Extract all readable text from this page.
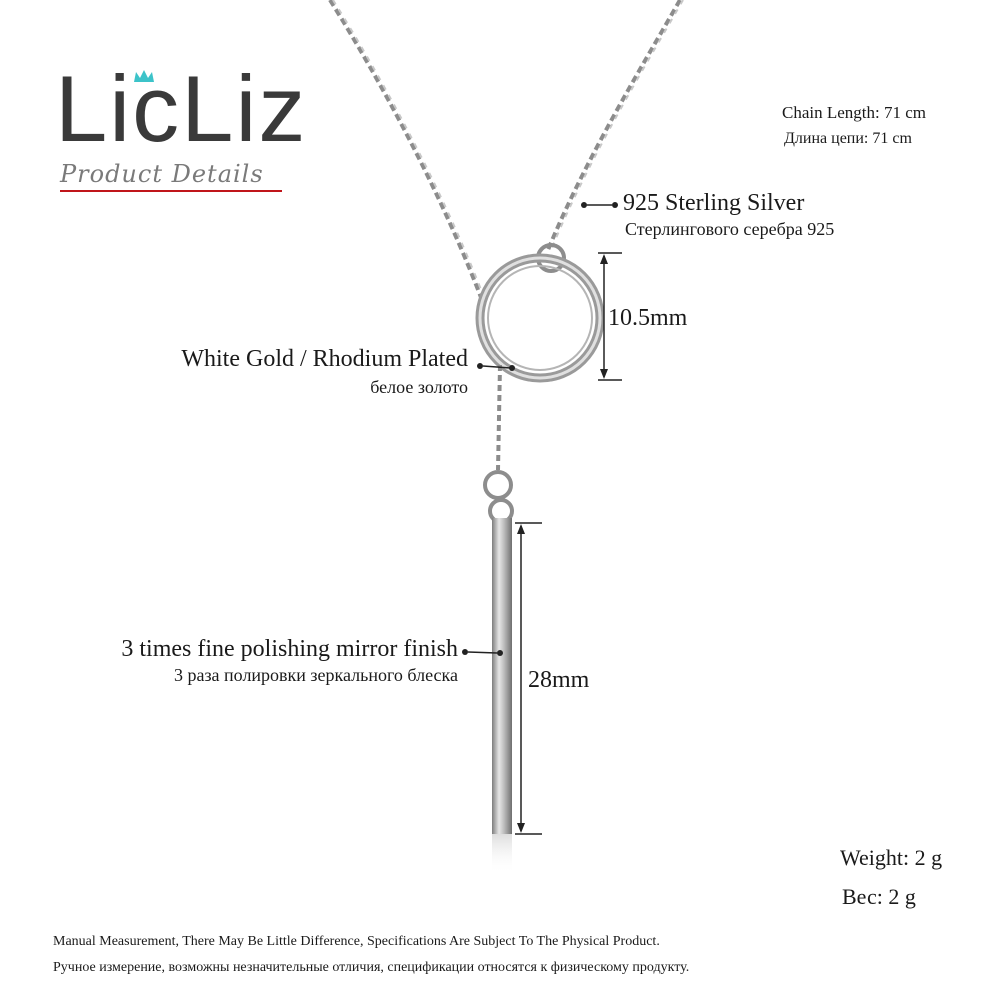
LicLiz
Product Details
Chain Length: 71 cm
Длина цепи: 71 cm
925 Sterling Silver
Стерлингового серебра 925
10.5mm
White Gold / Rhodium Plated
белое золото
3 times fine polishing mirror finish
3 раза полировки зеркального блеска	28mm
Weight: 2 g
Вес: 2 g
Manual Measurement, There May Be Little Difference, Specifications Are Subject To The Physical Product.
Ручное измерение, возможны незначительные отличия, спецификации относятся к физическому продукту.
